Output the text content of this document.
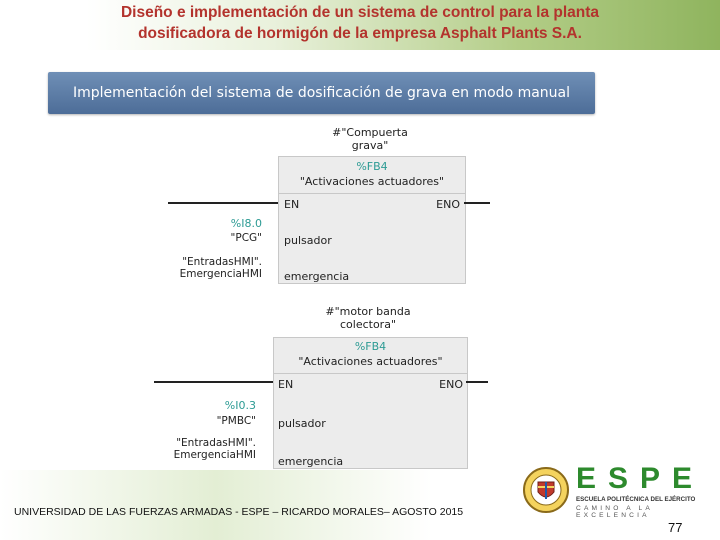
Diseño e implementación de un sistema de control para la planta
dosificadora de hormigón de la empresa Asphalt Plants S.A.
Implementación del sistema de dosificación de grava en modo manual
#"Compuerta
grava"
%FB4
"Activaciones actuadores"
EN	ENO
pulsador
emergencia
%I8.0
"PCG"
"EntradasHMI".
EmergenciaHMI
#"motor banda
colectora"
%FB4
"Activaciones actuadores"
EN	ENO
pulsador
emergencia
%I0.3
"PMBC"
"EntradasHMI".
EmergenciaHMI
UNIVERSIDAD DE LAS FUERZAS ARMADAS - ESPE – RICARDO MORALES– AGOSTO 2015
ESPE
ESCUELA POLITÉCNICA DEL EJÉRCITO
CAMINO A LA EXCELENCIA
77
